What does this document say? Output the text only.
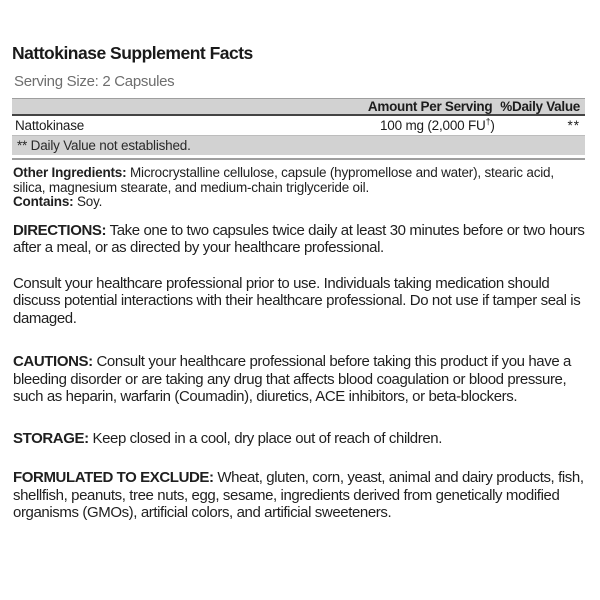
Nattokinase Supplement Facts
Serving Size: 2 Capsules
Amount Per Serving %Daily Value
Nattokinase	100 mg (2,000 FU†)	**
** Daily Value not established.

Other Ingredients: Microcrystalline cellulose, capsule (hypromellose and water), stearic acid, silica, magnesium stearate, and medium-chain triglyceride oil.

Contains: Soy.

DIRECTIONS: Take one to two capsules twice daily at least 30 minutes before or two hours after a meal, or as directed by your healthcare professional.

Consult your healthcare professional prior to use. Individuals taking medication should discuss potential interactions with their healthcare professional. Do not use if tamper seal is damaged.

CAUTIONS: Consult your healthcare professional before taking this product if you have a bleeding disorder or are taking any drug that affects blood coagulation or blood pressure, such as heparin, warfarin (Coumadin), diuretics, ACE inhibitors, or beta-blockers.

STORAGE: Keep closed in a cool, dry place out of reach of children.

FORMULATED TO EXCLUDE: Wheat, gluten, corn, yeast, animal and dairy products, fish, shellfish, peanuts, tree nuts, egg, sesame, ingredients derived from genetically modified organisms (GMOs), artificial colors, and artificial sweeteners.
